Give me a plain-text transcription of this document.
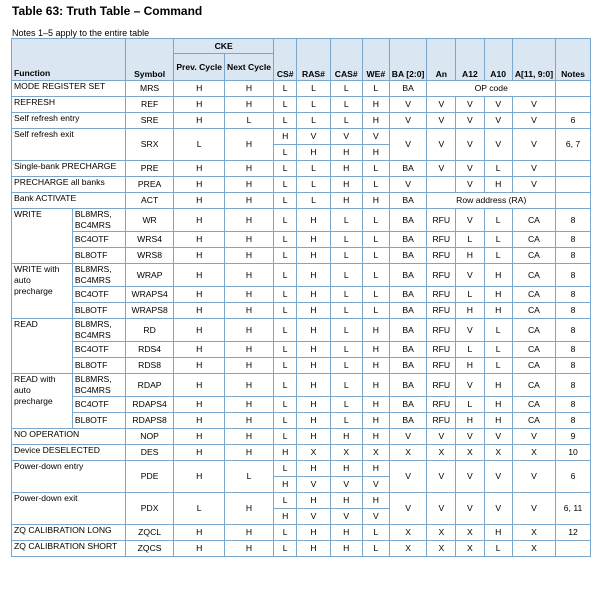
Table 63: Truth Table – Command
Notes 1–5 apply to the entire table
Function		Symbol	CKE		CS#	RAS#	CAS#	WE#	BA [2:0]	An	A12	A10	A[11, 9:0]	Notes
			Prev. Cycle	Next Cycle										
MODE REGISTER SET		MRS	H	H	L	L	L	L	BA	OP code				
REFRESH		REF	H	H	L	L	L	H	V	V	V	V	V	
Self refresh entry		SRE	H	L	L	L	L	H	V	V	V	V	V	6
Self refresh exit		SRX	L	H	H	V	V	V	V	V	V	V	V	6, 7
					L	H	H	H						
Single-bank PRECHARGE		PRE	H	H	L	L	H	L	BA	V	V	L	V	
PRECHARGE all banks		PREA	H	H	L	L	H	L	V		V	H	V	
Bank ACTIVATE		ACT	H	H	L	L	H	H	BA	Row address (RA)				
WRITE	BL8MRS, BC4MRS	WR	H	H	L	H	L	L	BA	RFU	V	L	CA	8
	BC4OTF	WRS4	H	H	L	H	L	L	BA	RFU	L	L	CA	8
	BL8OTF	WRS8	H	H	L	H	L	L	BA	RFU	H	L	CA	8
WRITE with auto precharge	BL8MRS, BC4MRS	WRAP	H	H	L	H	L	L	BA	RFU	V	H	CA	8
	BC4OTF	WRAPS4	H	H	L	H	L	L	BA	RFU	L	H	CA	8
	BL8OTF	WRAPS8	H	H	L	H	L	L	BA	RFU	H	H	CA	8
READ	BL8MRS, BC4MRS	RD	H	H	L	H	L	H	BA	RFU	V	L	CA	8
	BC4OTF	RDS4	H	H	L	H	L	H	BA	RFU	L	L	CA	8
	BL8OTF	RDS8	H	H	L	H	L	H	BA	RFU	H	L	CA	8
READ with auto precharge	BL8MRS, BC4MRS	RDAP	H	H	L	H	L	H	BA	RFU	V	H	CA	8
	BC4OTF	RDAPS4	H	H	L	H	L	H	BA	RFU	L	H	CA	8
	BL8OTF	RDAPS8	H	H	L	H	L	H	BA	RFU	H	H	CA	8
NO OPERATION		NOP	H	H	L	H	H	H	V	V	V	V	V	9
Device DESELECTED		DES	H	H	H	X	X	X	X	X	X	X	X	10
Power-down entry		PDE	H	L	L	H	H	H	V	V	V	V	V	6
					H	V	V	V						
Power-down exit		PDX	L	H	L	H	H	H	V	V	V	V	V	6, 11
					H	V	V	V						
ZQ CALIBRATION LONG		ZQCL	H	H	L	H	H	L	X	X	X	H	X	12
ZQ CALIBRATION SHORT		ZQCS	H	H	L	H	H	L	X	X	X	L	X	
